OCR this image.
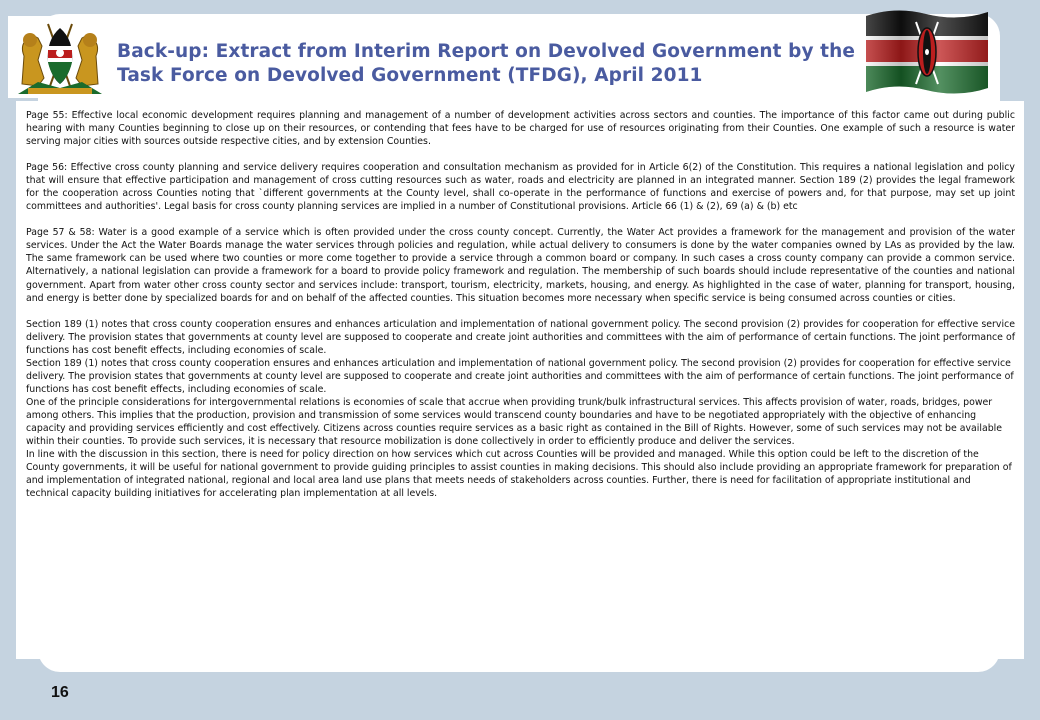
Back-up: Extract from Interim Report on Devolved Government by the
Task Force on Devolved Government (TFDG), April 2011

Page 55: Effective local economic development requires planning and management of a number of development activities across sectors and counties. The importance of this factor came out during public hearing with many Counties beginning to close up on their resources, or contending that fees have to be charged for use of resources originating from their Counties. One example of such a resource is water serving major cities with sources outside respective cities, and by extension Counties.

Page 56: Effective cross county planning and service delivery requires cooperation and consultation mechanism as provided for in Article 6(2) of the Constitution. This requires a national legislation and policy that will ensure that effective participation and management of cross cutting resources such as water, roads and electricity are planned in an integrated manner. Section 189 (2) provides the legal framework for the cooperation across Counties noting that `different governments at the County level, shall co-operate in the performance of functions and exercise of powers and, for that purpose, may set up joint committees and authorities'. Legal basis for cross county planning services are implied in a number of Constitutional provisions. Article 66 (1) & (2), 69 (a) & (b) etc

Page 57 & 58: Water is a good example of a service which is often provided under the cross county concept. Currently, the Water Act provides a framework for the management and provision of the water services. Under the Act the Water Boards manage the water services through policies and regulation, while actual delivery to consumers is done by the water companies owned by LAs as provided by the law. The same framework can be used where two counties or more come together to provide a service through a common board or company. In such cases a cross county company can provide a common service. Alternatively, a national legislation can provide a framework for a board to provide policy framework and regulation. The membership of such boards should include representative of the counties and national government. Apart from water other cross county sector and services include: transport, tourism, electricity, markets, housing, and energy. As highlighted in the case of water, planning for transport, housing, and energy is better done by specialized boards for and on behalf of the affected counties. This situation becomes more necessary when specific service is being consumed across counties or cities.

Section 189 (1) notes that cross county cooperation ensures and enhances articulation and implementation of national government policy. The second provision (2) provides for cooperation for effective service delivery. The provision states that governments at county level are supposed to cooperate and create joint authorities and committees with the aim of performance of certain functions. The joint performance of functions has cost benefit effects, including economies of scale.

Section 189 (1) notes that cross county cooperation ensures and enhances articulation and implementation of national government policy. The second provision (2) provides for cooperation for effective service delivery. The provision states that governments at county level are supposed to cooperate and create joint authorities and committees with the aim of performance of certain functions. The joint performance of functions has cost benefit effects, including economies of scale.

One of the principle considerations for intergovernmental relations is economies of scale that accrue when providing trunk/bulk infrastructural services. This affects provision of water, roads, bridges, power among others. This implies that the production, provision and transmission of some services would transcend county boundaries and have to be negotiated appropriately with the objective of enhancing capacity and providing services efficiently and cost effectively. Citizens across counties require services as a basic right as contained in the Bill of Rights. However, some of such services may not be available within their counties. To provide such services, it is necessary that resource mobilization is done collectively in order to efficiently produce and deliver the services.

In line with the discussion in this section, there is need for policy direction on how services which cut across Counties will be provided and managed. While this option could be left to the discretion of the County governments, it will be useful for national government to provide guiding principles to assist counties in making decisions. This should also include providing an appropriate framework for preparation of and implementation of integrated national, regional and local area land use plans that meets needs of stakeholders across counties. Further, there is need for facilitation of appropriate institutional and technical capacity building initiatives for accelerating plan implementation at all levels.

16
